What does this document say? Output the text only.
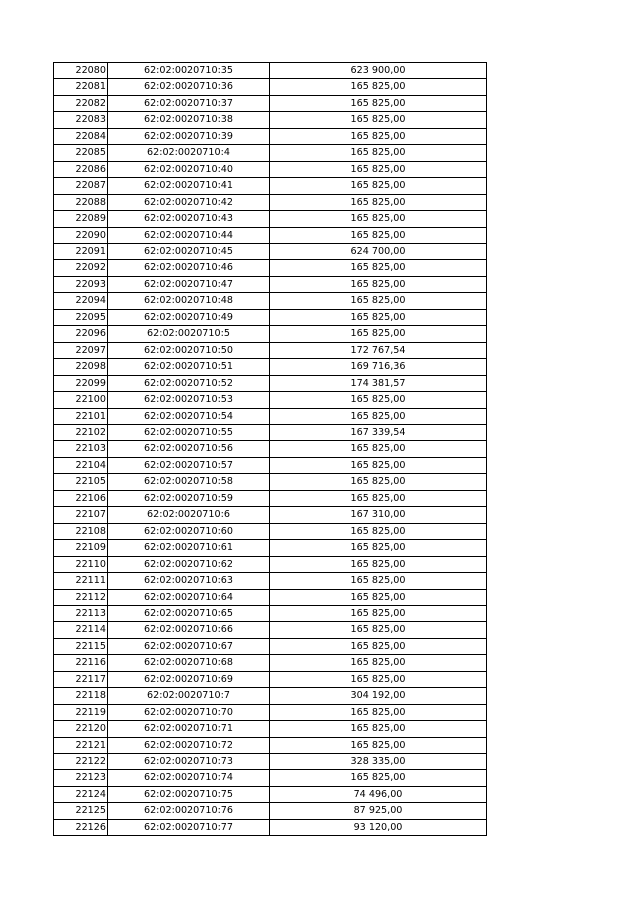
22080	62:02:0020710:35	623 900,00
22081	62:02:0020710:36	165 825,00
22082	62:02:0020710:37	165 825,00
22083	62:02:0020710:38	165 825,00
22084	62:02:0020710:39	165 825,00
22085	62:02:0020710:4	165 825,00
22086	62:02:0020710:40	165 825,00
22087	62:02:0020710:41	165 825,00
22088	62:02:0020710:42	165 825,00
22089	62:02:0020710:43	165 825,00
22090	62:02:0020710:44	165 825,00
22091	62:02:0020710:45	624 700,00
22092	62:02:0020710:46	165 825,00
22093	62:02:0020710:47	165 825,00
22094	62:02:0020710:48	165 825,00
22095	62:02:0020710:49	165 825,00
22096	62:02:0020710:5	165 825,00
22097	62:02:0020710:50	172 767,54
22098	62:02:0020710:51	169 716,36
22099	62:02:0020710:52	174 381,57
22100	62:02:0020710:53	165 825,00
22101	62:02:0020710:54	165 825,00
22102	62:02:0020710:55	167 339,54
22103	62:02:0020710:56	165 825,00
22104	62:02:0020710:57	165 825,00
22105	62:02:0020710:58	165 825,00
22106	62:02:0020710:59	165 825,00
22107	62:02:0020710:6	167 310,00
22108	62:02:0020710:60	165 825,00
22109	62:02:0020710:61	165 825,00
22110	62:02:0020710:62	165 825,00
22111	62:02:0020710:63	165 825,00
22112	62:02:0020710:64	165 825,00
22113	62:02:0020710:65	165 825,00
22114	62:02:0020710:66	165 825,00
22115	62:02:0020710:67	165 825,00
22116	62:02:0020710:68	165 825,00
22117	62:02:0020710:69	165 825,00
22118	62:02:0020710:7	304 192,00
22119	62:02:0020710:70	165 825,00
22120	62:02:0020710:71	165 825,00
22121	62:02:0020710:72	165 825,00
22122	62:02:0020710:73	328 335,00
22123	62:02:0020710:74	165 825,00
22124	62:02:0020710:75	74 496,00
22125	62:02:0020710:76	87 925,00
22126	62:02:0020710:77	93 120,00
